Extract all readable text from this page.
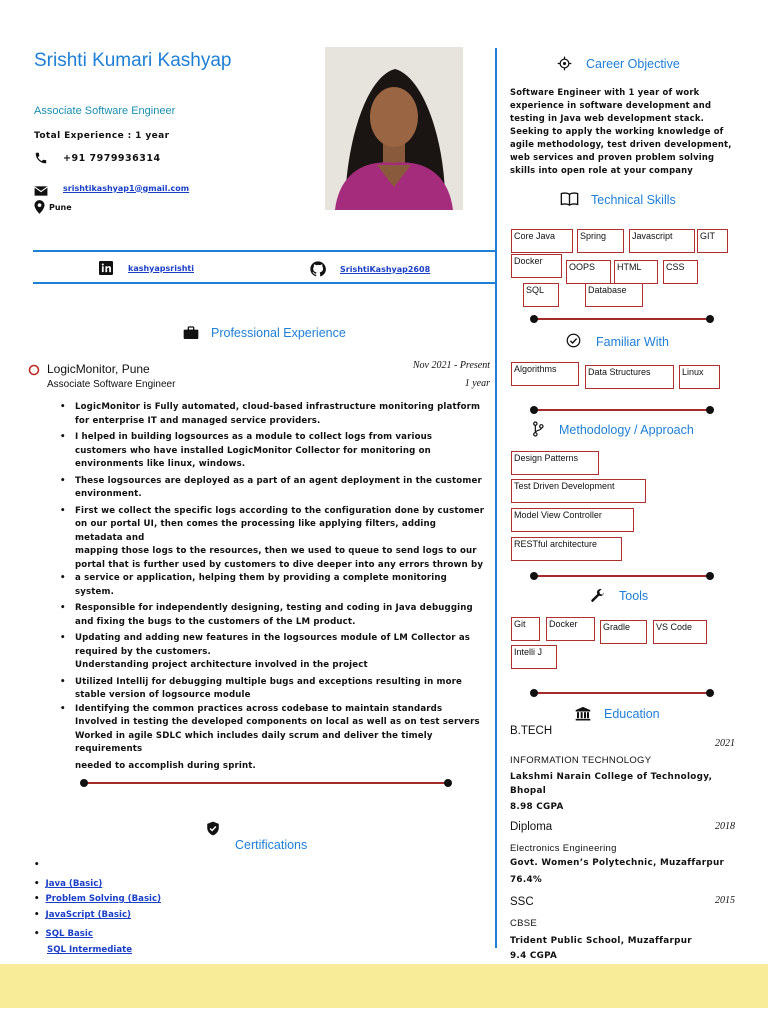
Srishti Kumari Kashyap
Associate Software Engineer
Total Experience : 1 year
+91 7979936314
srishtikashyap1@gmail.com
Pune
kashyapsrishti	SrishtiKashyap2608
Professional Experience
LogicMonitor, Pune
Associate Software Engineer
Nov 2021 - Present
1 year
• LogicMonitor is Fully automated, cloud-based infrastructure monitoring platform for enterprise IT and managed service providers.
• I helped in building logsources as a module to collect logs from various customers who have installed LogicMonitor Collector for monitoring on environments like linux, windows.
• These logsources are deployed as a part of an agent deployment in the customer environment.
• First we collect the specific logs according to the configuration done by customer on our portal UI, then comes the processing like applying filters, adding metadata and
mapping those logs to the resources, then we used to queue to send logs to our portal that is further used by customers to dive deeper into any errors thrown by
• a service or application, helping them by providing a complete monitoring system.
• Responsible for independently designing, testing and coding in Java debugging and fixing the bugs to the customers of the LM product.
• Updating and adding new features in the logsources module of LM Collector as required by the customers.
Understanding project architecture involved in the project
• Utilized Intellij for debugging multiple bugs and exceptions resulting in more stable version of logsource module
• Identifying the common practices across codebase to maintain standards
Involved in testing the developed components on local as well as on test servers
Worked in agile SDLC which includes daily scrum and deliver the timely requirements
needed to accomplish during sprint.
Certifications
•
• Java (Basic)
• Problem Solving (Basic)
• JavaScript (Basic)
• SQL Basic
SQL Intermediate
Career Objective
Software Engineer with 1 year of work experience in software development and testing in Java web development stack. Seeking to apply the working knowledge of agile methodology, test driven development, web services and proven problem solving skills into open role at your company
Technical Skills
Core Java	Spring	Javascript	GIT
Docker
OOPS	HTML	CSS
SQL	Database
Familiar With
Algorithms	Data Structures	Linux
Methodology / Approach
Design Patterns
Test Driven Development
Model View Controller
RESTful architecture
Tools
Git	Docker	Gradle	VS Code
Intelli J
Education
B.TECH
2021
INFORMATION TECHNOLOGY
Lakshmi Narain College of Technology, Bhopal
8.98 CGPA
Diploma	2018
Electronics Engineering
Govt. Women’s Polytechnic, Muzaffarpur
76.4%
SSC	2015
CBSE
Trident Public School, Muzaffarpur
9.4 CGPA
